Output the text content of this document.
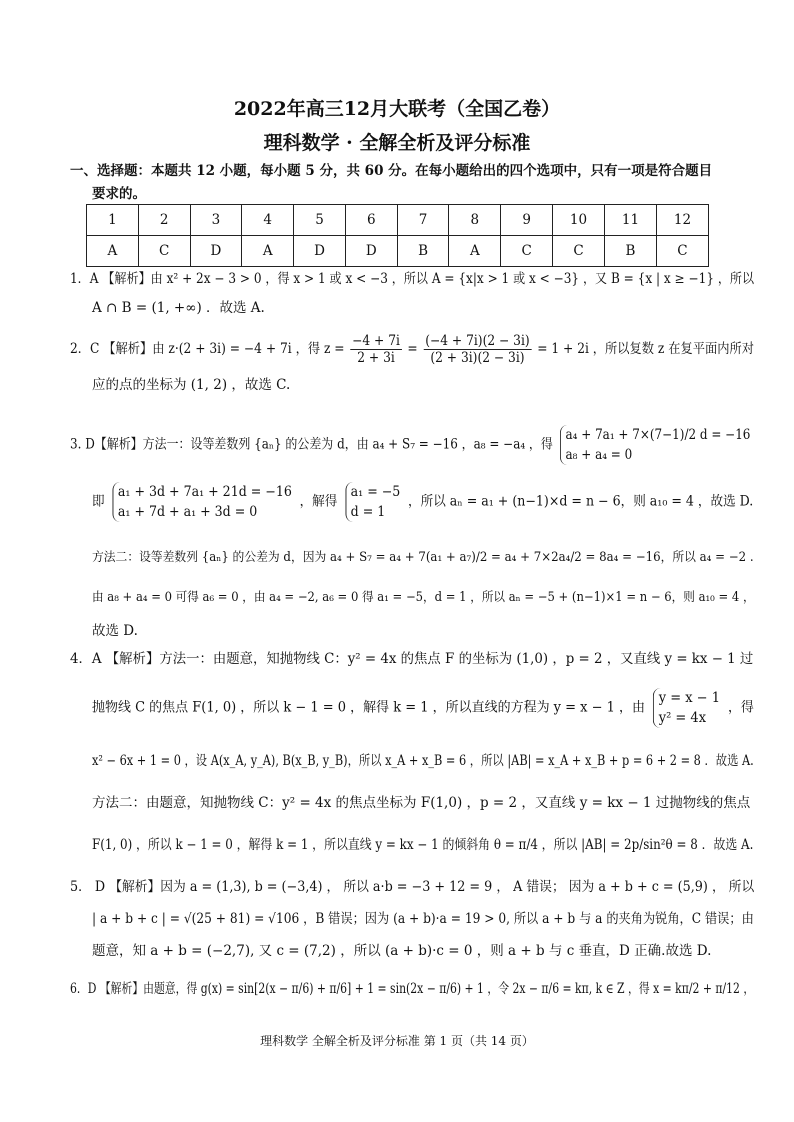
2022年高三12月大联考（全国乙卷）
理科数学 · 全解全析及评分标准
一、选择题：本题共 12 小题，每小题 5 分，共 60 分。在每小题给出的四个选项中，只有一项是符合题目
要求的。
1	2	3	4	5	6	7	8	9	10	11	12
A	C	D	A	D	D	B	A	C	C	B	C
1．A 【解析】由 x² + 2x − 3 > 0 ，得 x > 1 或 x < −3 ，所以 A = {x|x > 1 或 x < −3} ，又 B = {x | x ≥ −1} ，所以
A ∩ B = (1, +∞) ．故选 A.
2．C 【解析】由 z·(2 + 3i) = −4 + 7i ，得 $z = \frac{-4 + 7i}{2 + 3i} = \frac{(-4 + 7i)(2 - 3i)}{(2 + 3i)(2 - 3i)} = 1 + 2i$ ，所以复数 z 在复平面内所对
应的点的坐标为 (1, 2) ，故选 C.
3. D【解析】方法一：设等差数列 {aₙ} 的公差为 d，由 a₄ + S₇ = −16 ，a₈ = −a₄ ，得
a₄ + 7a₁ + 7×(7−1)/2 d = −16
a₈ + a₄ = 0
即
a₁ + 3d + 7a₁ + 21d = −16
a₁ + 7d + a₁ + 3d = 0
，解得
a₁ = −5
d = 1
，所以 aₙ = a₁ + (n−1)×d = n − 6，则 a₁₀ = 4 ，故选 D.
方法二：设等差数列 {aₙ} 的公差为 d，因为 a₄ + S₇ = a₄ + 7(a₁ + a₇)/2 = a₄ + 7×2a₄/2 = 8a₄ = −16，所以 a₄ = −2 .
由 a₈ + a₄ = 0 可得 a₆ = 0 ，由 a₄ = −2, a₆ = 0 得 a₁ = −5，d = 1 ，所以 aₙ = −5 + (n−1)×1 = n − 6，则 a₁₀ = 4 ，
故选 D.
4．A 【解析】方法一：由题意，知抛物线 C：y² = 4x 的焦点 F 的坐标为 (1,0) ，p = 2 ，又直线 y = kx − 1 过
抛物线 C 的焦点 F(1, 0) ，所以 k − 1 = 0 ，解得 k = 1 ，所以直线的方程为 y = x − 1 ，由
y = x − 1
y² = 4x
，得
x² − 6x + 1 = 0 ，设 A(x_A, y_A), B(x_B, y_B)，所以 x_A + x_B = 6 ，所以 |AB| = x_A + x_B + p = 6 + 2 = 8 ．故选 A.
方法二：由题意，知抛物线 C：y² = 4x 的焦点坐标为 F(1,0) ，p = 2 ，又直线 y = kx − 1 过抛物线的焦点
F(1, 0) ，所以 k − 1 = 0 ，解得 k = 1 ，所以直线 y = kx − 1 的倾斜角 θ = π/4 ，所以 |AB| = 2p/sin²θ = 8 ．故选 A.
5． D 【解析】因为 a = (1,3), b = (−3,4) ， 所以 a·b = −3 + 12 = 9 ， A 错误； 因为 a + b + c = (5,9) ， 所以
| a + b + c | = √(25 + 81) = √106 ，B 错误；因为 (a + b)·a = 19 > 0, 所以 a + b 与 a 的夹角为锐角，C 错误；由
题意，知 a + b = (−2,7), 又 c = (7,2) ，所以 (a + b)·c = 0 ，则 a + b 与 c 垂直，D 正确.故选 D.
6．D 【解析】由题意，得 g(x) = sin[2(x − π/6) + π/6] + 1 = sin(2x − π/6) + 1 ，令 2x − π/6 = kπ, k ∈ Z ，得 x = kπ/2 + π/12 ，
理科数学 全解全析及评分标准 第 1 页（共 14 页）
